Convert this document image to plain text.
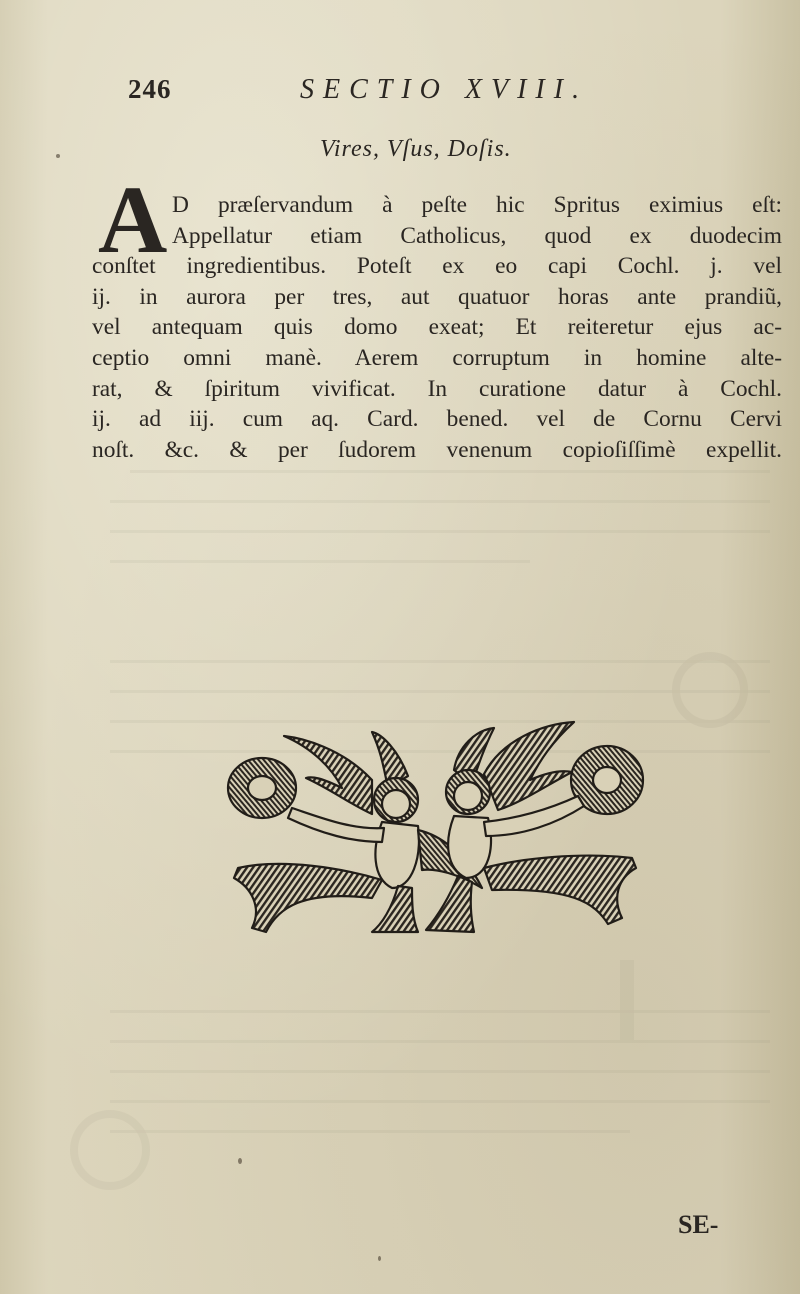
246	SECTIO XVIII.
Vires, Vſus, Doſis.
A D præſervandum à peſte hic Spritus eximius eſt:
Appellatur etiam Catholicus, quod ex duodecim
conſtet ingredientibus. Poteſt ex eo capi Cochl. j. vel
ij. in aurora per tres, aut quatuor horas ante prandiũ,
vel antequam quis domo exeat; Et reiteretur ejus ac-
ceptio omni manè. Aerem corruptum in homine alte-
rat, & ſpiritum vivificat. In curatione datur à Cochl.
ij. ad iij. cum aq. Card. bened. vel de Cornu Cervi
noſt. &c. & per ſudorem venenum copioſiſſimè expellit.
SE-
